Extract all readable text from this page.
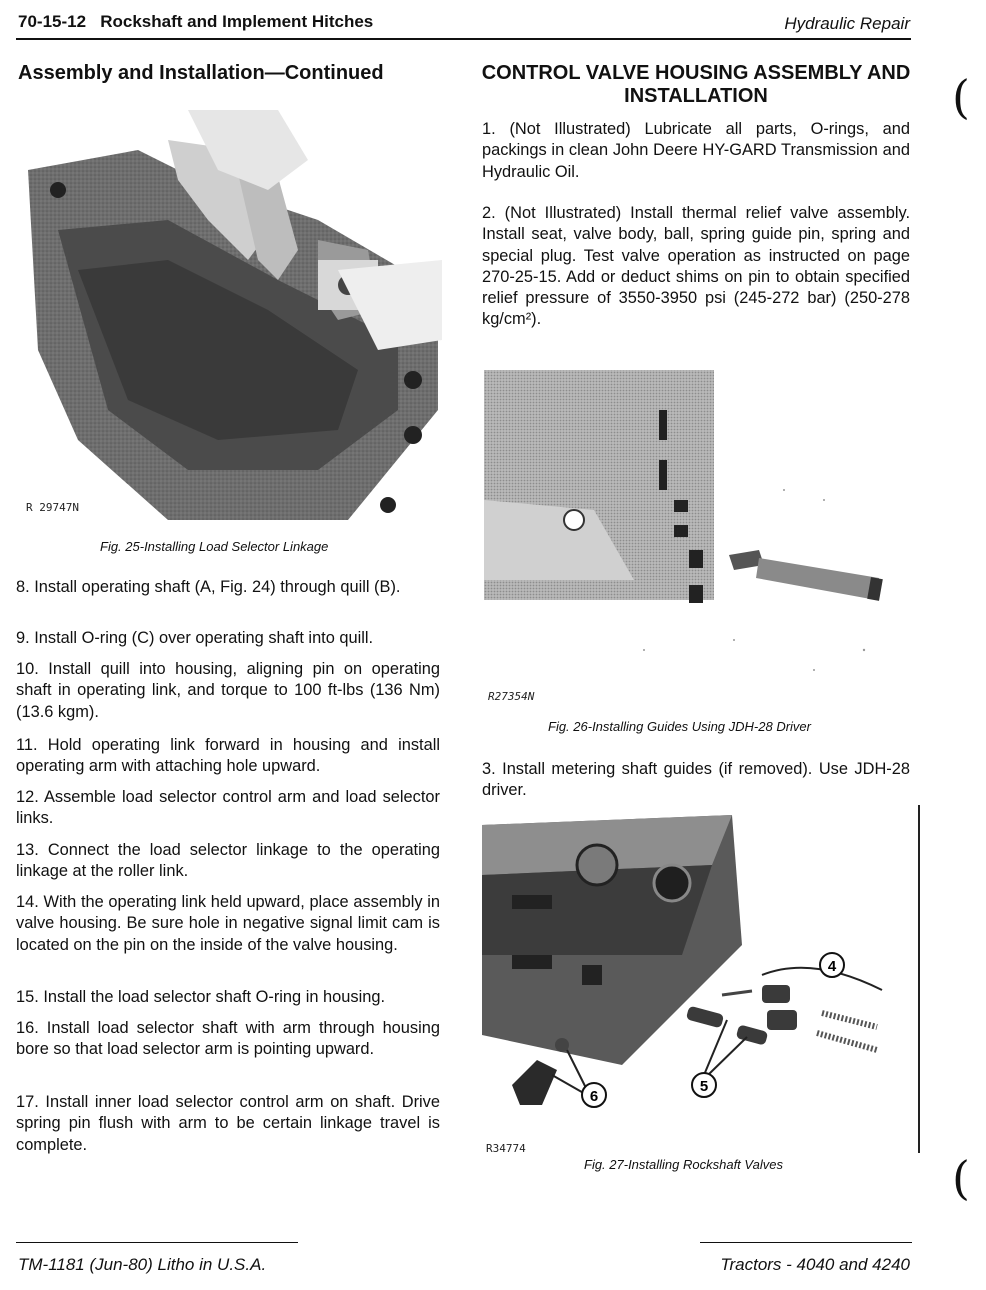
70-15-12 Rockshaft and Implement Hitches	Hydraulic Repair
Assembly and Installation—Continued	CONTROL VALVE HOUSING ASSEMBLY AND INSTALLATION
R 29747N
Fig. 25-Installing Load Selector Linkage
8. Install operating shaft (A, Fig. 24) through quill (B).
9. Install O-ring (C) over operating shaft into quill.
10. Install quill into housing, aligning pin on operating shaft in operating link, and torque to 100 ft-lbs (136 Nm) (13.6 kgm).
11. Hold operating link forward in housing and install operating arm with attaching hole upward.
12. Assemble load selector control arm and load selector links.
13. Connect the load selector linkage to the operating linkage at the roller link.
14. With the operating link held upward, place assembly in valve housing. Be sure hole in negative signal limit cam is located on the pin on the inside of the valve housing.
15. Install the load selector shaft O-ring in housing.
16. Install load selector shaft with arm through housing bore so that load selector arm is pointing upward.
17. Install inner load selector control arm on shaft. Drive spring pin flush with arm to be certain linkage travel is complete.
1. (Not Illustrated) Lubricate all parts, O-rings, and packings in clean John Deere HY-GARD Transmission and Hydraulic Oil.
2. (Not Illustrated) Install thermal relief valve assembly. Install seat, valve body, ball, spring guide pin, spring and special plug. Test valve operation as instructed on page 270-25-15. Add or deduct shims on pin to obtain specified relief pressure of 3550-3950 psi (245-272 bar) (250-278 kg/cm²).
R27354N
Fig. 26-Installing Guides Using JDH-28 Driver
3. Install metering shaft guides (if removed). Use JDH-28 driver.
4
5
6
R34774
Fig. 27-Installing Rockshaft Valves
(
(
TM-1181 (Jun-80) Litho in U.S.A.	Tractors - 4040 and 4240
